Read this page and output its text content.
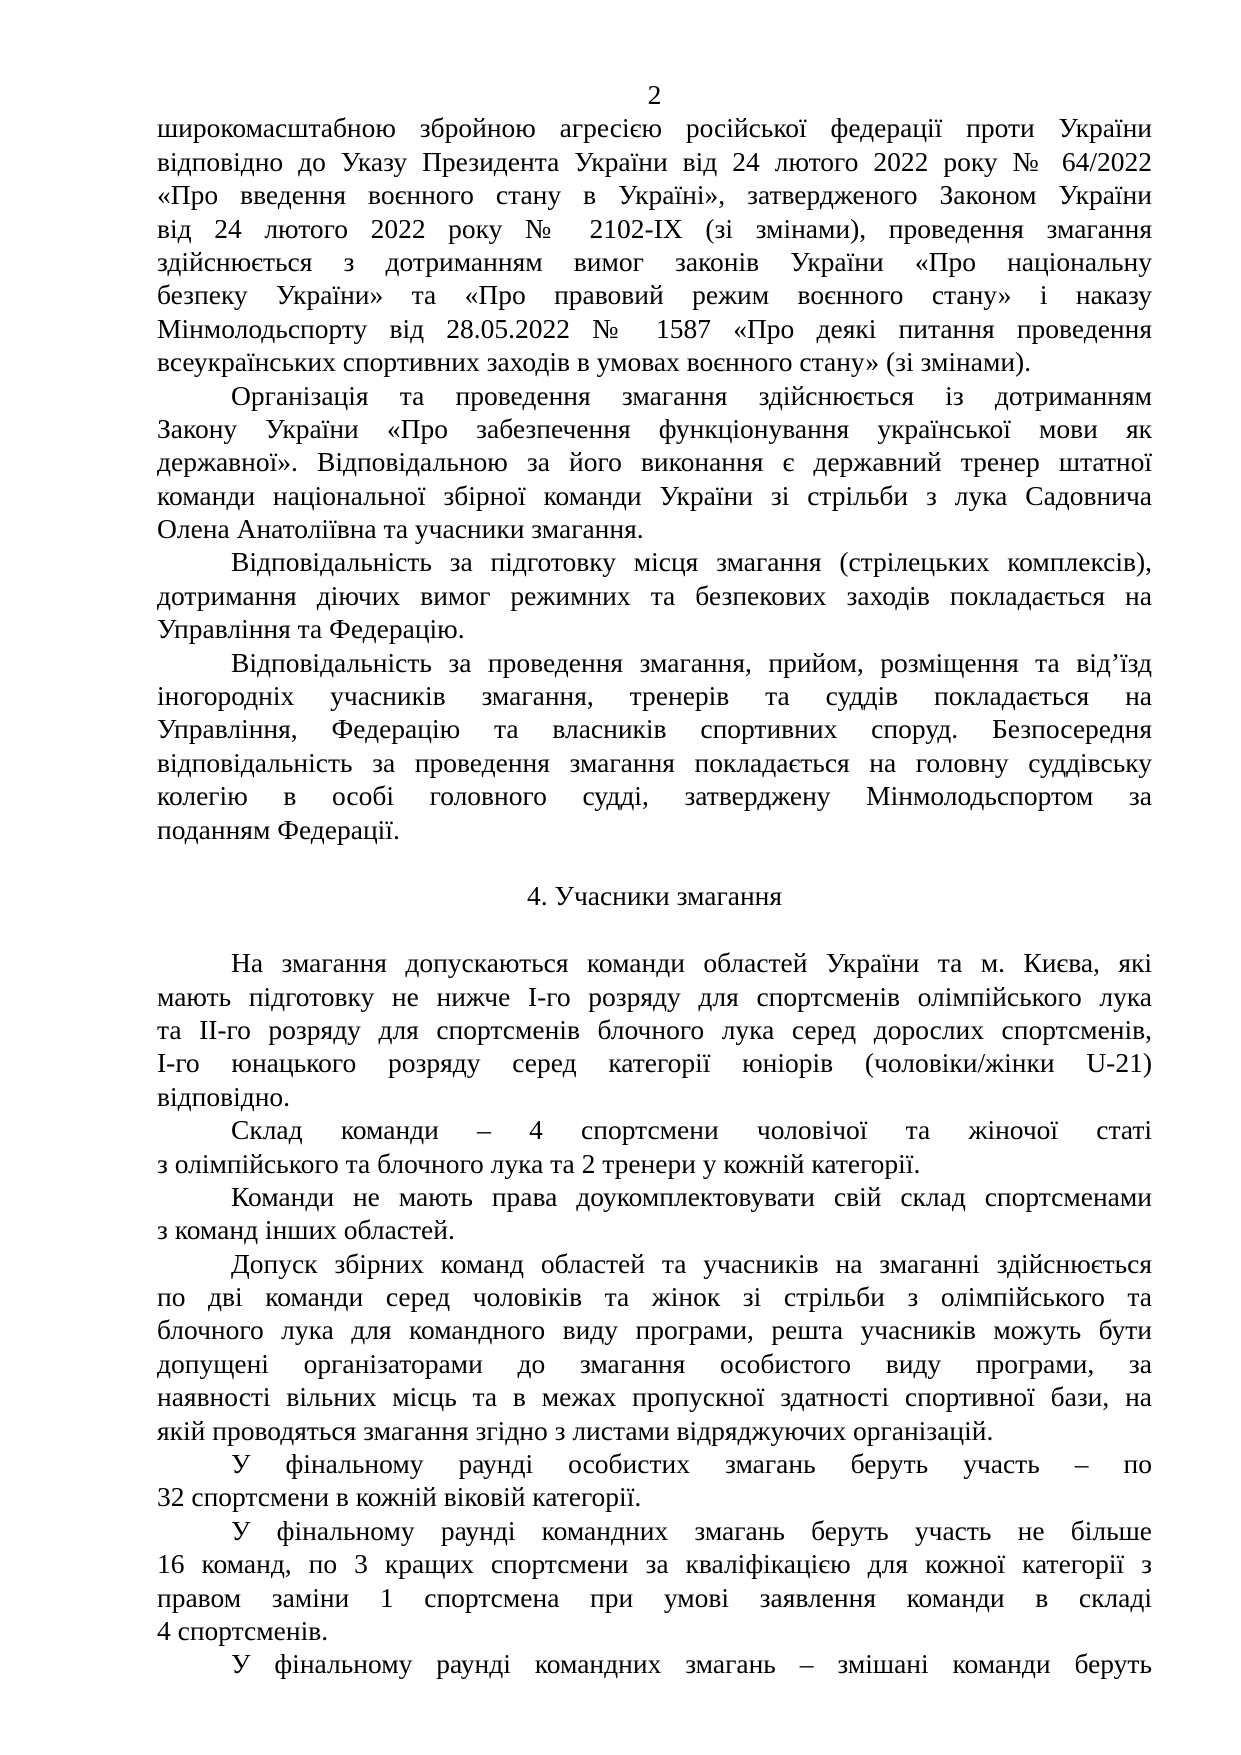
2
широкомасштабною збройною агресією російської федерації проти України
відповідно до Указу Президента України від 24 лютого 2022 року № 64/2022
«Про введення воєнного стану в Україні», затвердженого Законом України
від 24 лютого 2022 року № 2102-IX (зі змінами), проведення змагання
здійснюється з дотриманням вимог законів України «Про національну
безпеку України» та «Про правовий режим воєнного стану» і наказу
Мінмолодьспорту від 28.05.2022 № 1587 «Про деякі питання проведення
всеукраїнських спортивних заходів в умовах воєнного стану» (зі змінами).
Організація та проведення змагання здійснюється із дотриманням
Закону України «Про забезпечення функціонування української мови як
державної». Відповідальною за його виконання є державний тренер штатної
команди національної збірної команди України зі стрільби з лука Садовнича
Олена Анатоліївна та учасники змагання.
Відповідальність за підготовку місця змагання (стрілецьких комплексів),
дотримання діючих вимог режимних та безпекових заходів покладається на
Управління та Федерацію.
Відповідальність за проведення змагання, прийом, розміщення та від’їзд
іногородніх учасників змагання, тренерів та суддів покладається на
Управління, Федерацію та власників спортивних споруд. Безпосередня
відповідальність за проведення змагання покладається на головну суддівську
колегію в особі головного судді, затверджену Мінмолодьспортом за
поданням Федерації.
4. Учасники змагання
На змагання допускаються команди областей України та м. Києва, які
мають підготовку не нижче I-го розряду для спортсменів олімпійського лука
та II-го розряду для спортсменів блочного лука серед дорослих спортсменів,
I-го юнацького розряду серед категорії юніорів (чоловіки/жінки U-21)
відповідно.
Склад команди – 4 спортсмени чоловічої та жіночої статі
з олімпійського та блочного лука та 2 тренери у кожній категорії.
Команди не мають права доукомплектовувати свій склад спортсменами
з команд інших областей.
Допуск збірних команд областей та учасників на змаганні здійснюється
по дві команди серед чоловіків та жінок зі стрільби з олімпійського та
блочного лука для командного виду програми, решта учасників можуть бути
допущені організаторами до змагання особистого виду програми, за
наявності вільних місць та в межах пропускної здатності спортивної бази, на
якій проводяться змагання згідно з листами відряджуючих організацій.
У фінальному раунді особистих змагань беруть участь – по
32 спортсмени в кожній віковій категорії.
У фінальному раунді командних змагань беруть участь не більше
16 команд, по 3 кращих спортсмени за кваліфікацією для кожної категорії з
правом заміни 1 спортсмена при умові заявлення команди в складі
4 спортсменів.
У фінальному раунді командних змагань – змішані команди беруть
